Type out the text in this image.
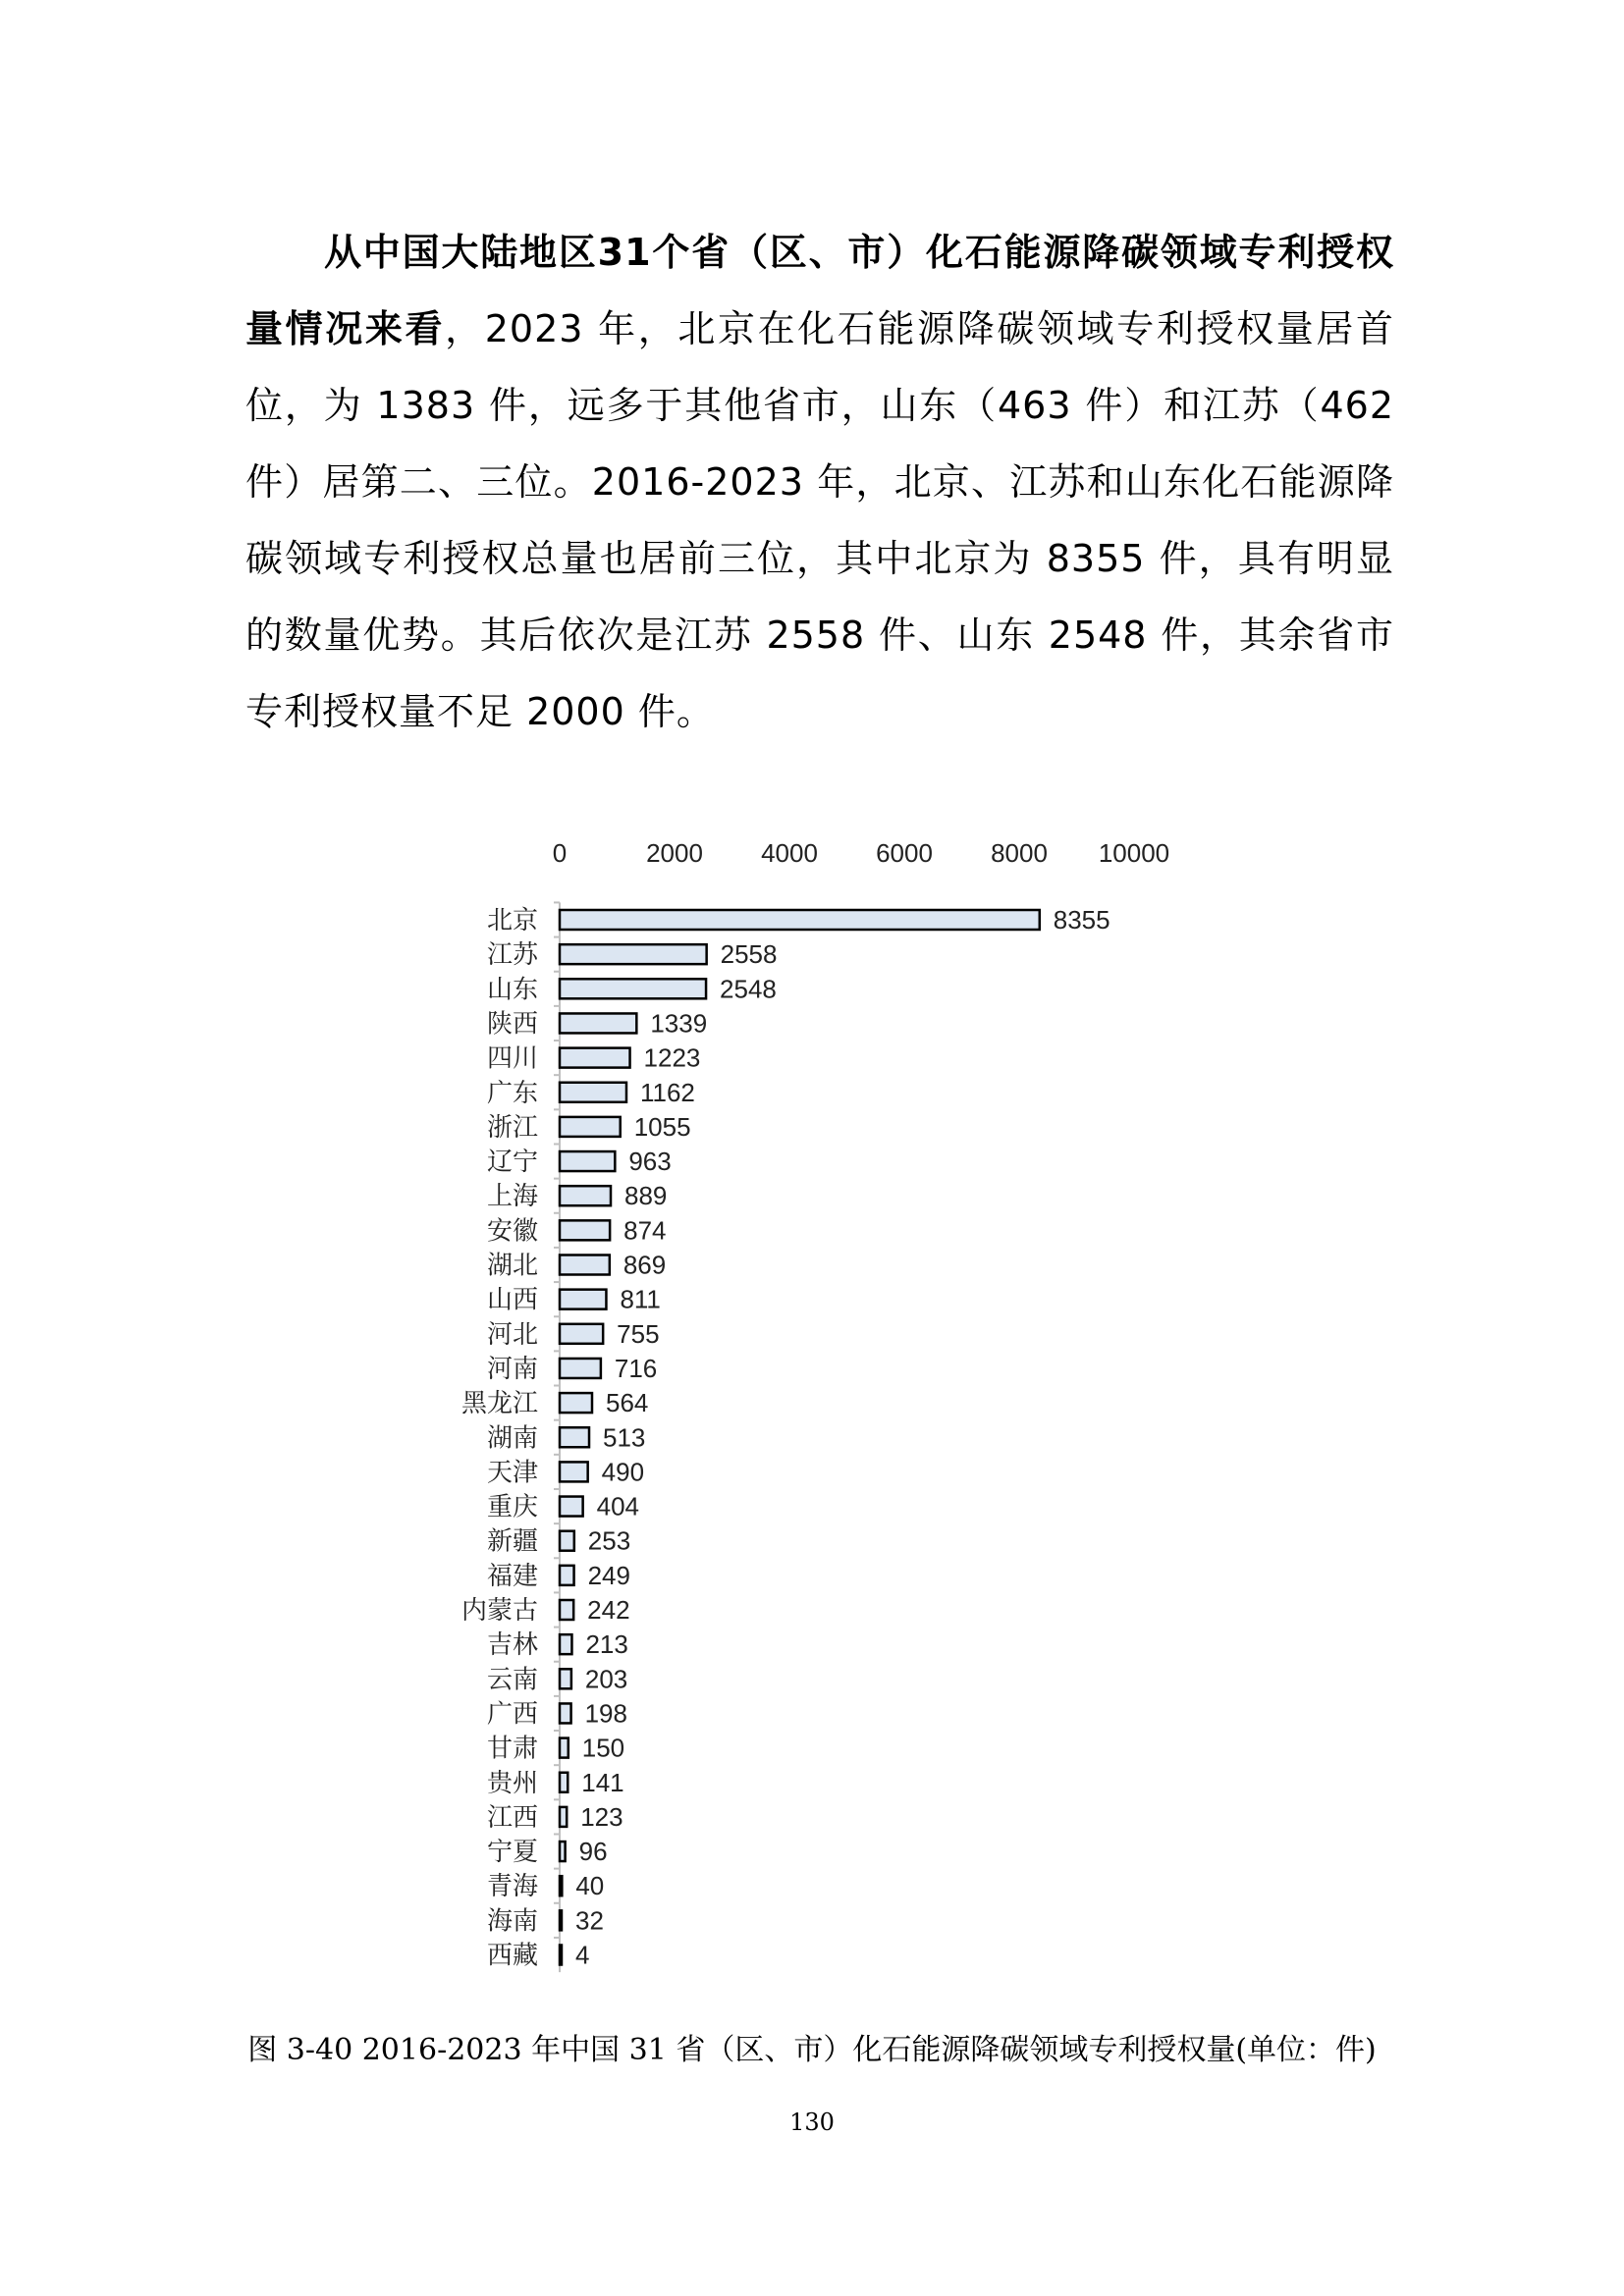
从中国大陆地区31个省（区、市）化石能源降碳领域专利授权量情况来看，2023 年，北京在化石能源降碳领域专利授权量居首位，为 1383 件，远多于其他省市，山东（463 件）和江苏（462 件）居第二、三位。2016-2023 年，北京、江苏和山东化石能源降碳领域专利授权总量也居前三位，其中北京为 8355 件，具有明显的数量优势。其后依次是江苏 2558 件、山东 2548 件，其余省市专利授权量不足 2000 件。

0	2000 4000 6000 8000 10000
北京	8355
江苏	2558
山东	2548
陕西	1339
四川	1223
广东	1162
浙江	1055
辽宁	963
上海	889
安徽	874
湖北	869
山西	811
河北	755
河南	716
黑龙江	564
湖南	513
天津 490
重庆 404
新疆 253
福建 249
内蒙古 242
吉林 213
云南 203
广西 198
甘肃 150
贵州 141
江西 123
宁夏 96
青海 40
海南 32
西藏 4
图 3-40 2016-2023 年中国 31 省（区、市）化石能源降碳领域专利授权量(单位：件)
130
